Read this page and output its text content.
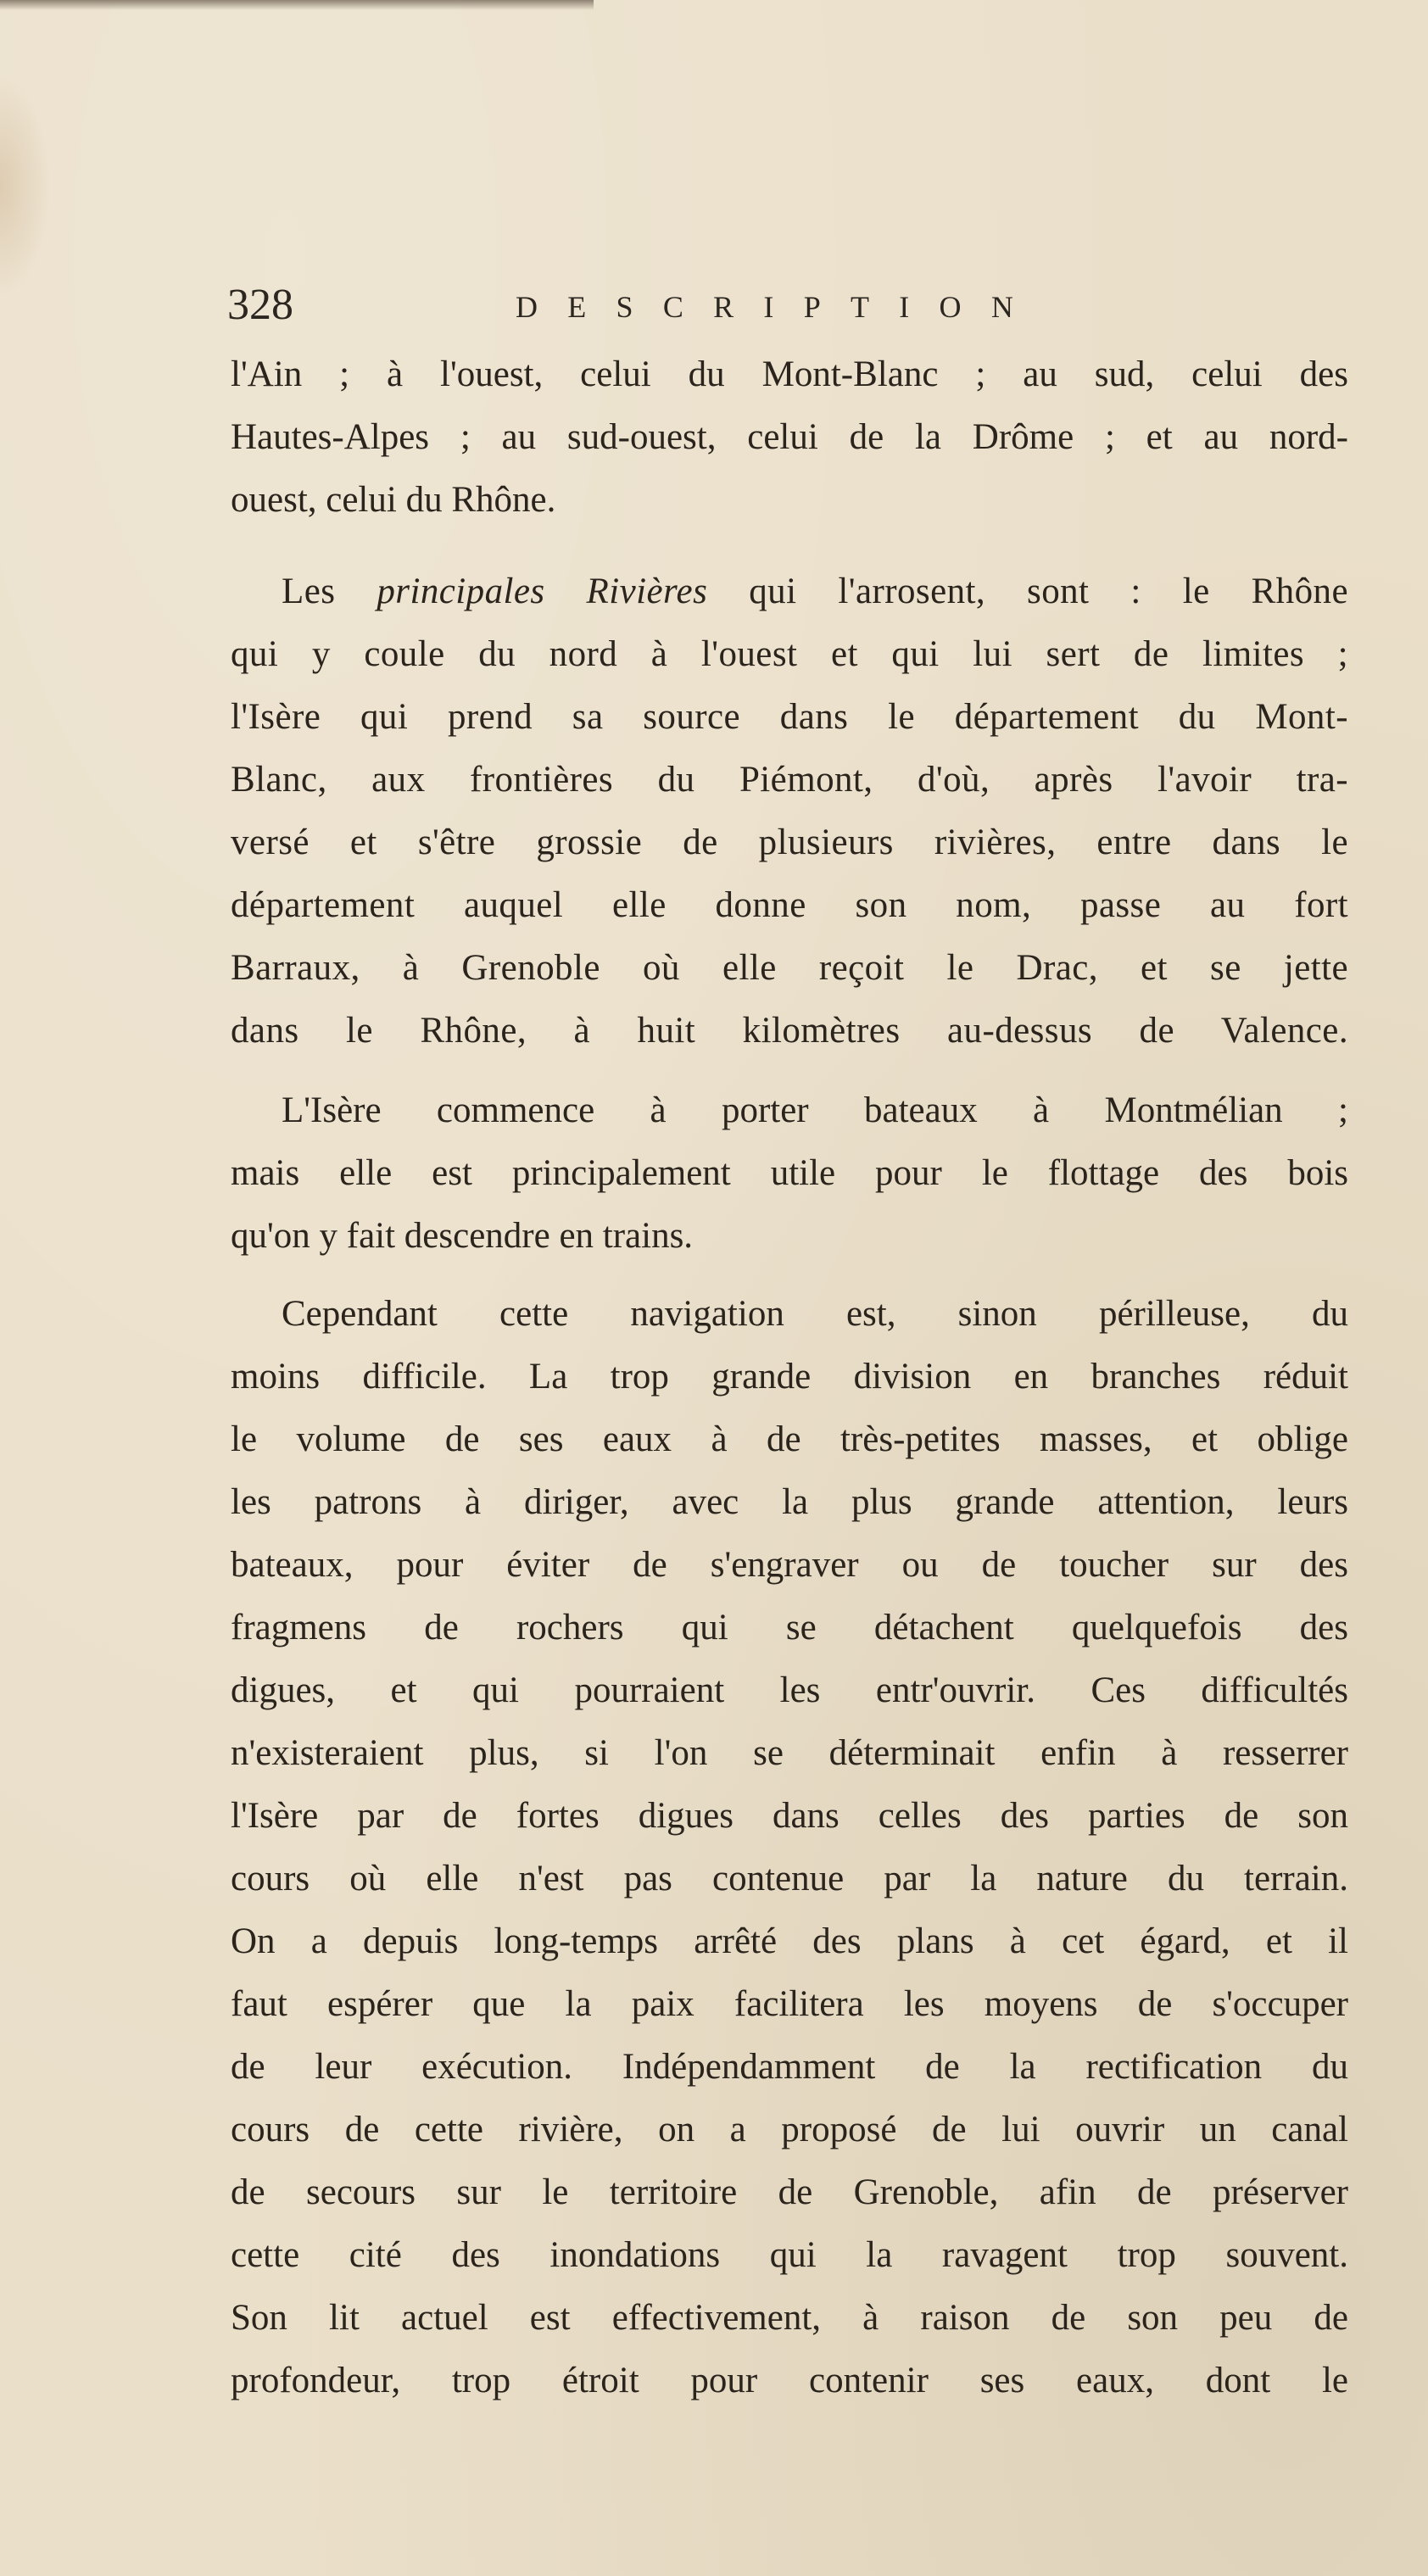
328	DESCRIPTION

l'Ain ; à l'ouest, celui du Mont-Blanc ; au sud, celui des
Hautes-Alpes ; au sud-ouest, celui de la Drôme ; et au nord-
ouest, celui du Rhône.

Les principales Rivières qui l'arrosent, sont : le Rhône
qui y coule du nord à l'ouest et qui lui sert de limites ;
l'Isère qui prend sa source dans le département du Mont-
Blanc, aux frontières du Piémont, d'où, après l'avoir tra-
versé et s'être grossie de plusieurs rivières, entre dans le
département auquel elle donne son nom, passe au fort
Barraux, à Grenoble où elle reçoit le Drac, et se jette
dans le Rhône, à huit kilomètres au-dessus de Valence.

L'Isère commence à porter bateaux à Montmélian ;
mais elle est principalement utile pour le flottage des bois
qu'on y fait descendre en trains.

Cependant cette navigation est, sinon périlleuse, du
moins difficile. La trop grande division en branches réduit
le volume de ses eaux à de très-petites masses, et oblige
les patrons à diriger, avec la plus grande attention, leurs
bateaux, pour éviter de s'engraver ou de toucher sur des
fragmens de rochers qui se détachent quelquefois des
digues, et qui pourraient les entr'ouvrir. Ces difficultés
n'existeraient plus, si l'on se déterminait enfin à resserrer
l'Isère par de fortes digues dans celles des parties de son
cours où elle n'est pas contenue par la nature du terrain.
On a depuis long-temps arrêté des plans à cet égard, et il
faut espérer que la paix facilitera les moyens de s'occuper
de leur exécution. Indépendamment de la rectification du
cours de cette rivière, on a proposé de lui ouvrir un canal
de secours sur le territoire de Grenoble, afin de préserver
cette cité des inondations qui la ravagent trop souvent.
Son lit actuel est effectivement, à raison de son peu de
profondeur, trop étroit pour contenir ses eaux, dont le
